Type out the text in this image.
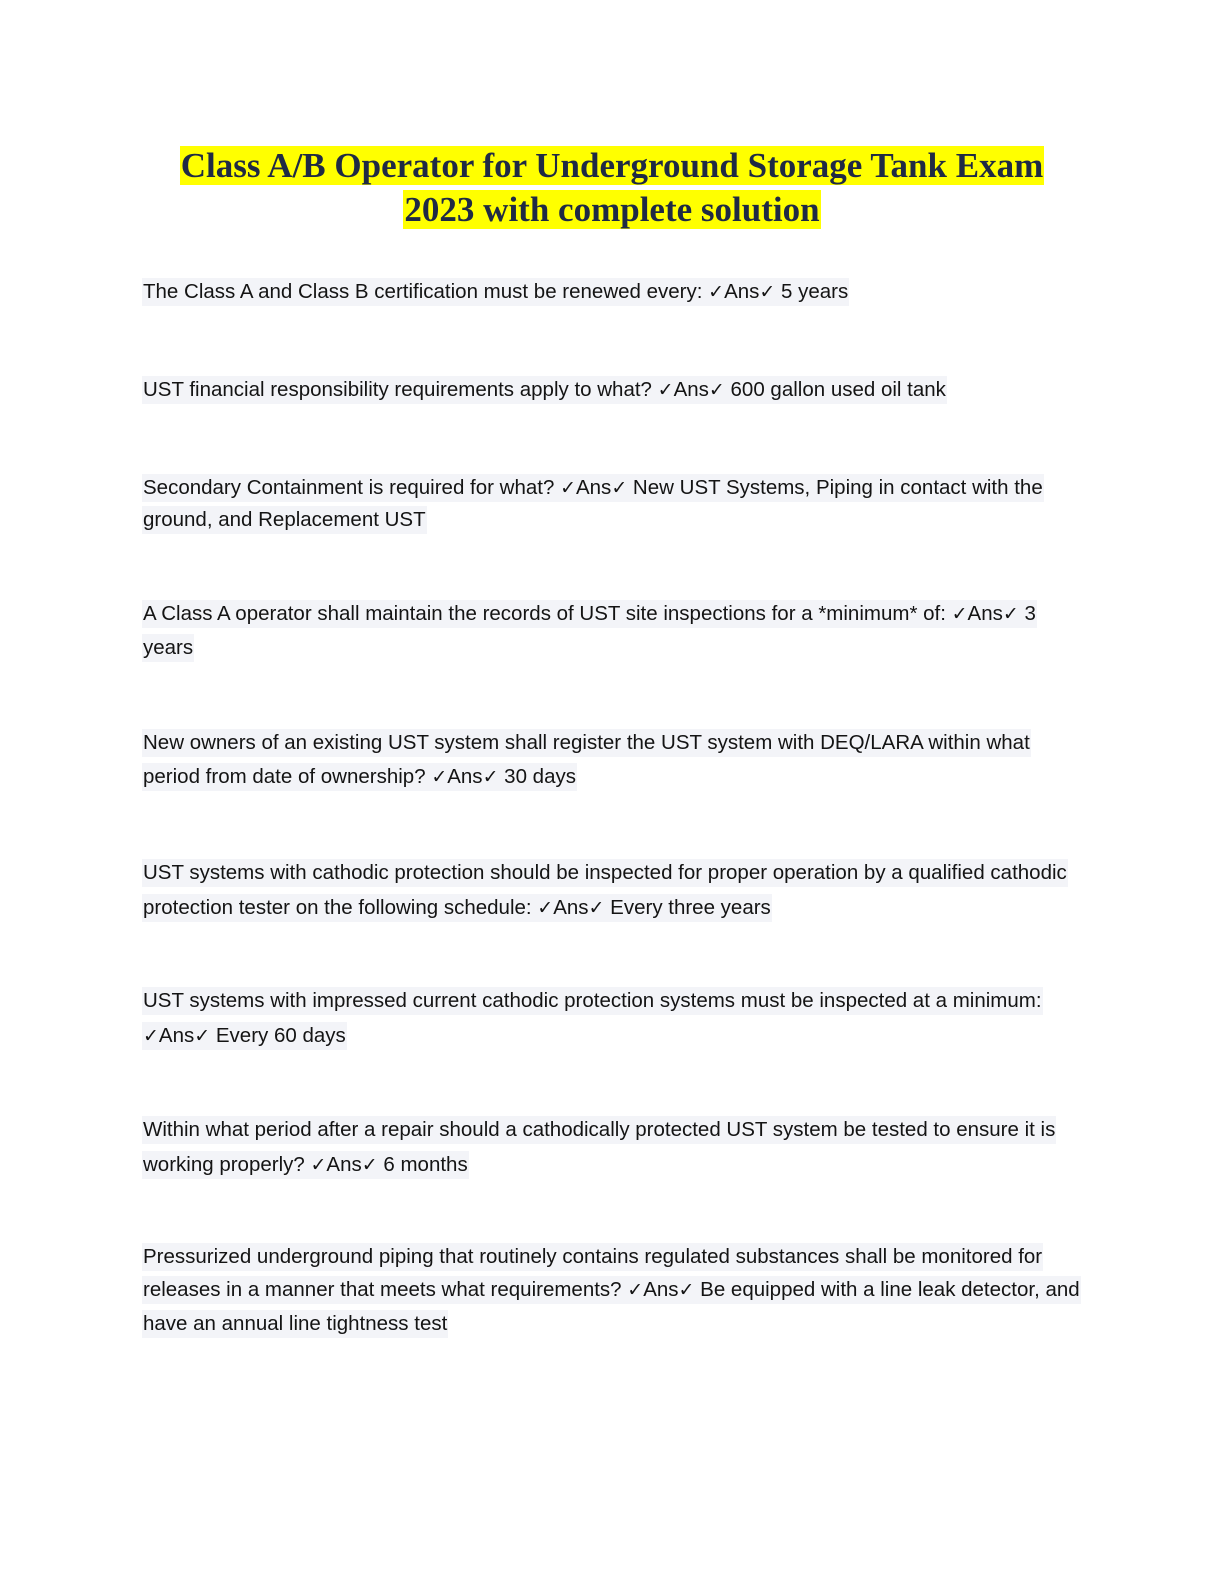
Class A/B Operator for Underground Storage Tank Exam
2023 with complete solution
The Class A and Class B certification must be renewed every: ✓Ans✓ 5 years
UST financial responsibility requirements apply to what? ✓Ans✓ 600 gallon used oil tank
Secondary Containment is required for what? ✓Ans✓ New UST Systems, Piping in contact with the ground, and Replacement UST
A Class A operator shall maintain the records of UST site inspections for a *minimum* of: ✓Ans✓ 3 years
New owners of an existing UST system shall register the UST system with DEQ/LARA within what period from date of ownership? ✓Ans✓ 30 days
UST systems with cathodic protection should be inspected for proper operation by a qualified cathodic protection tester on the following schedule: ✓Ans✓ Every three years
UST systems with impressed current cathodic protection systems must be inspected at a minimum: ✓Ans✓ Every 60 days
Within what period after a repair should a cathodically protected UST system be tested to ensure it is working properly? ✓Ans✓ 6 months
Pressurized underground piping that routinely contains regulated substances shall be monitored for releases in a manner that meets what requirements? ✓Ans✓ Be equipped with a line leak detector, and have an annual line tightness test
